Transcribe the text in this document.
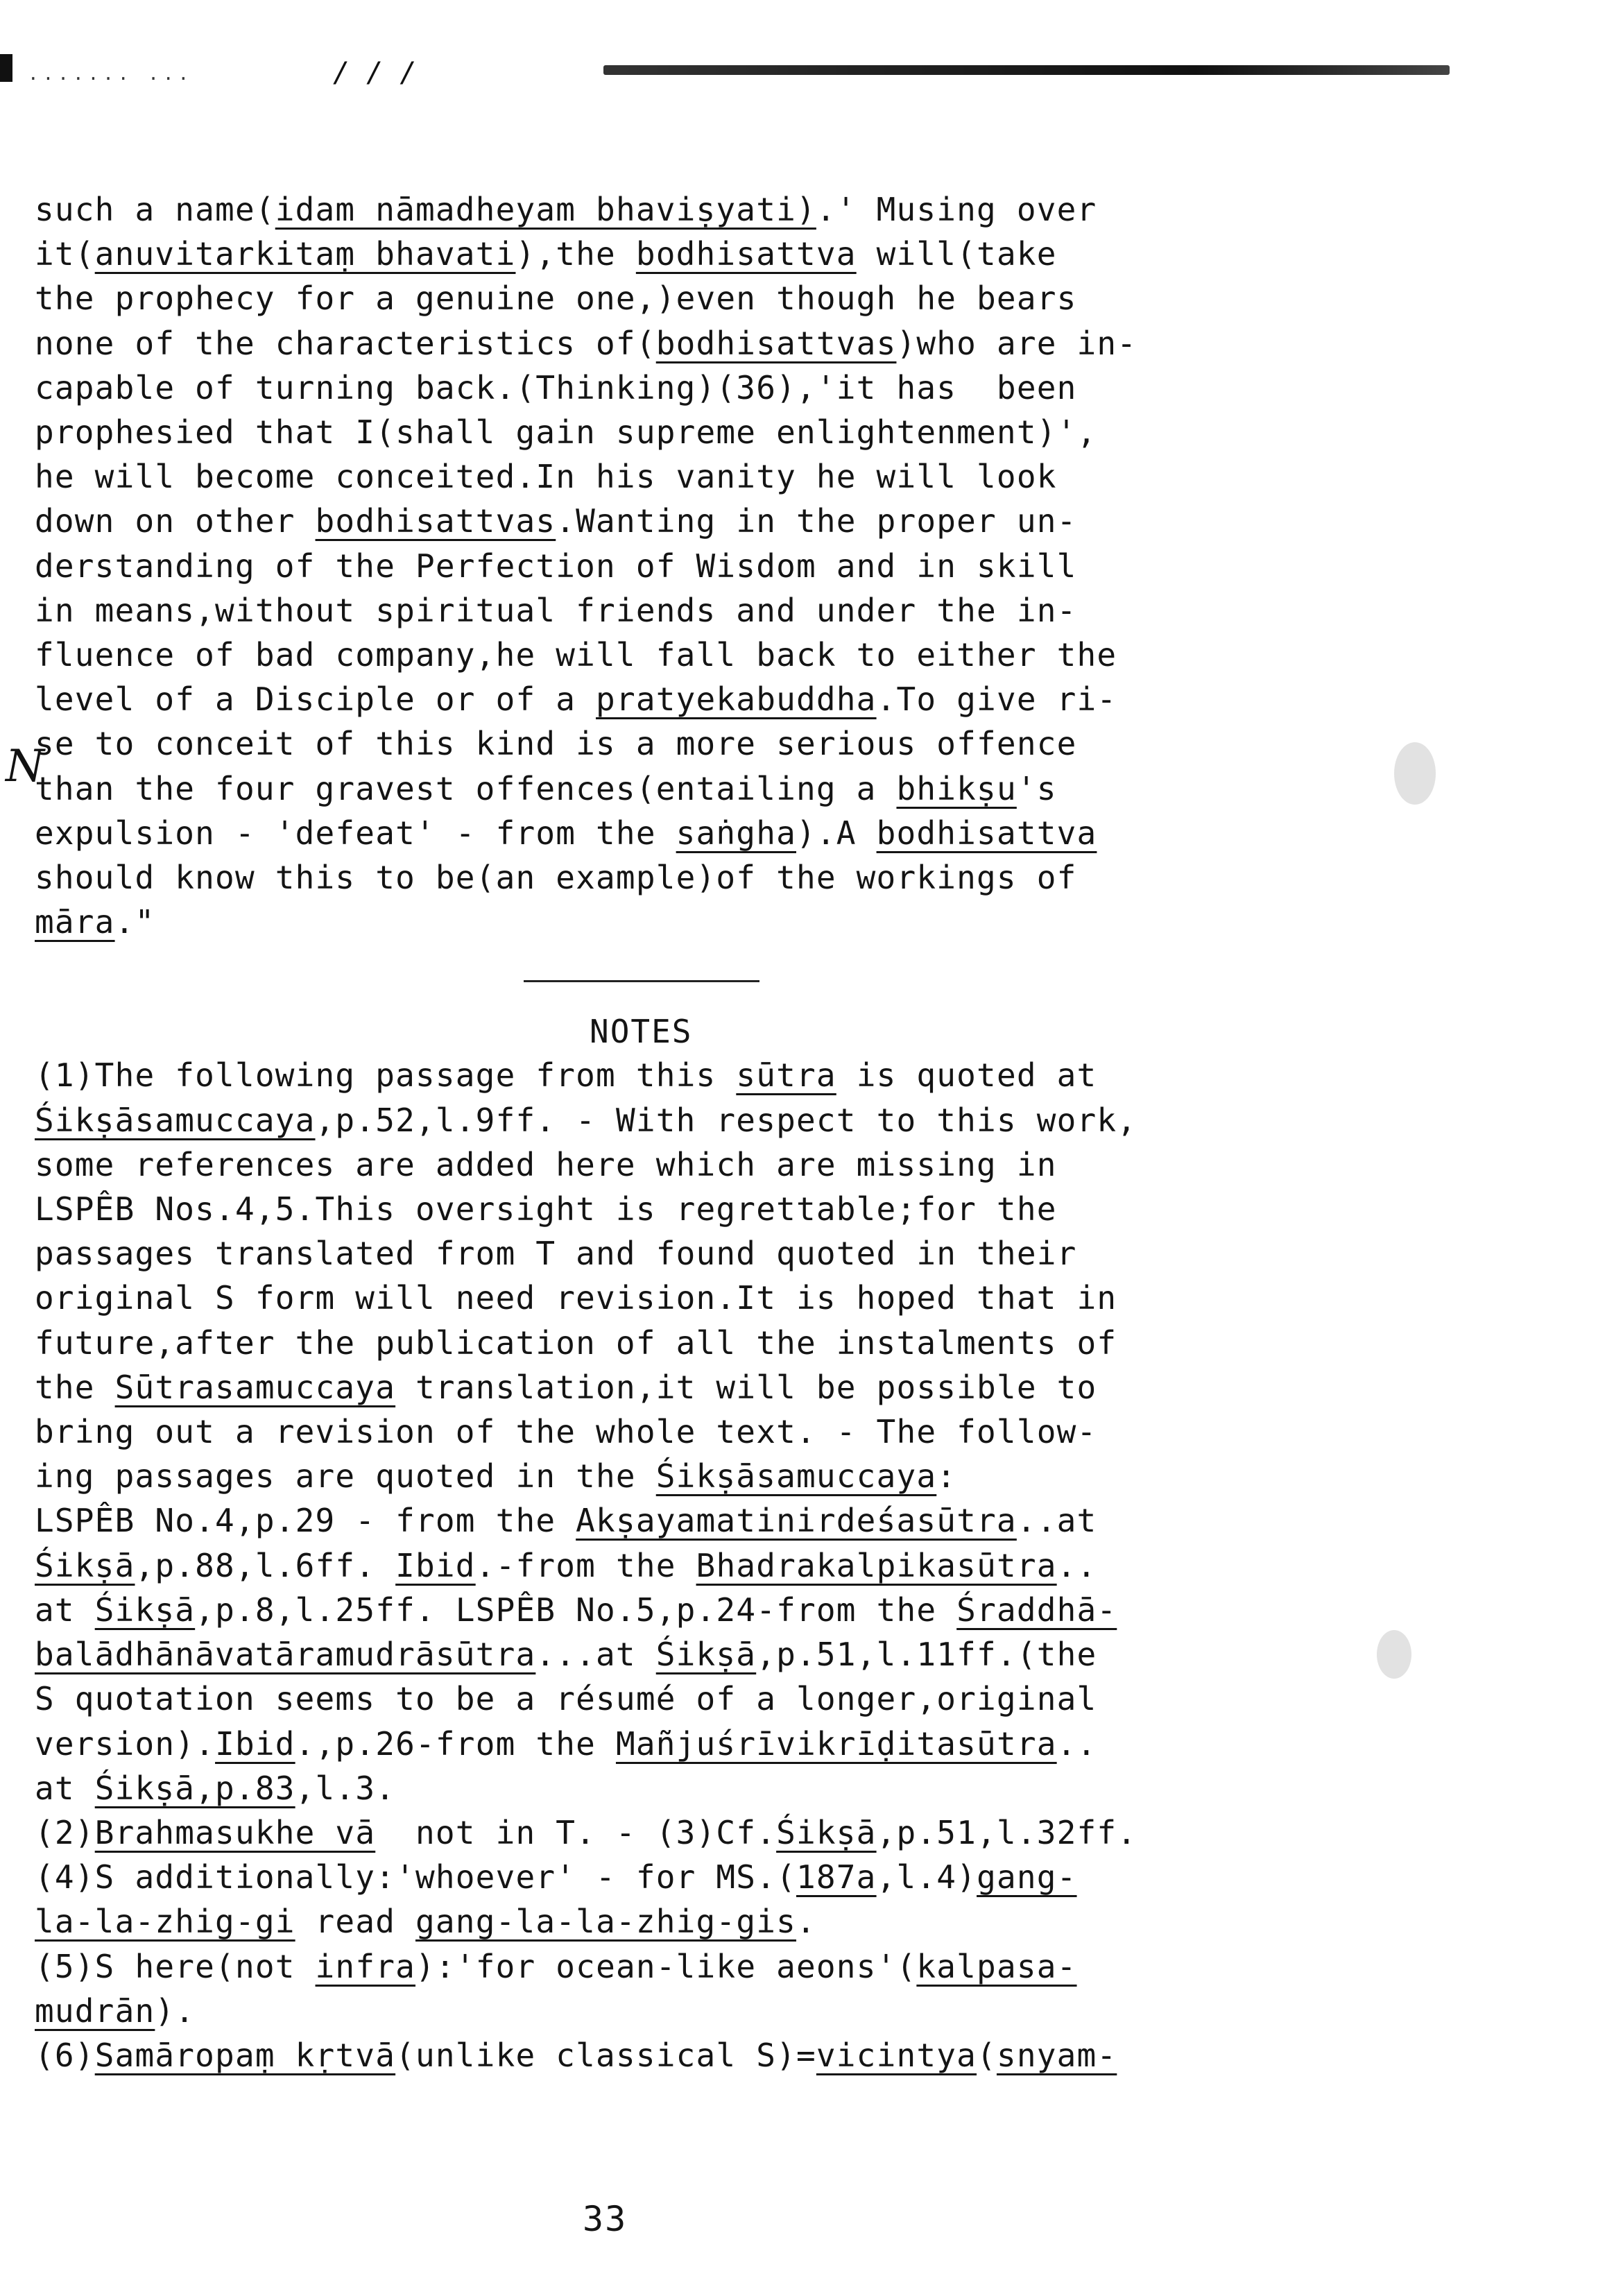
....... ...	/ / /
N
such a name(idam nāmadheyam bhaviṣyati).' Musing over
it(anuvitarkitaṃ bhavati),the bodhisattva will(take
the prophecy for a genuine one,)even though he bears
none of the characteristics of(bodhisattvas)who are in-
capable of turning back.(Thinking)(36),'it has  been
prophesied that I(shall gain supreme enlightenment)',
he will become conceited.In his vanity he will look
down on other bodhisattvas.Wanting in the proper un-
derstanding of the Perfection of Wisdom and in skill
in means,without spiritual friends and under the in-
fluence of bad company,he will fall back to either the
level of a Disciple or of a pratyekabuddha.To give ri-
se to conceit of this kind is a more serious offence
than the four gravest offences(entailing a bhikṣu's
expulsion - 'defeat' - from the saṅgha).A bodhisattva
should know this to be(an example)of the workings of
māra."
NOTES
(1)The following passage from this sūtra is quoted at
Śikṣāsamuccaya,p.52,l.9ff. - With respect to this work,
some references are added here which are missing in
LSPÊB Nos.4,5.This oversight is regrettable;for the
passages translated from T and found quoted in their
original S form will need revision.It is hoped that in
future,after the publication of all the instalments of
the Sūtrasamuccaya translation,it will be possible to
bring out a revision of the whole text. - The follow-
ing passages are quoted in the Śikṣāsamuccaya:
LSPÊB No.4,p.29 - from the Akṣayamatinirdeśasūtra..at
Śikṣā,p.88,l.6ff. Ibid.-from the Bhadrakalpikasūtra..
at Śikṣā,p.8,l.25ff. LSPÊB No.5,p.24-from the Śraddhā-
balādhānāvatāramudrāsūtra...at Śikṣā,p.51,l.11ff.(the
S quotation seems to be a résumé of a longer,original
version).Ibid.,p.26-from the Mañjuśrīvikrīḍitasūtra..
at Śikṣā,p.83,l.3.
(2)Brahmasukhe vā  not in T. - (3)Cf.Śikṣā,p.51,l.32ff.
(4)S additionally:'whoever' - for MS.(187a,l.4)gang-
la-la-zhig-gi read gang-la-la-zhig-gis.
(5)S here(not infra):'for ocean-like aeons'(kalpasa-
mudrān).
(6)Samāropaṃ kṛtvā(unlike classical S)=vicintya(snyam-
33
